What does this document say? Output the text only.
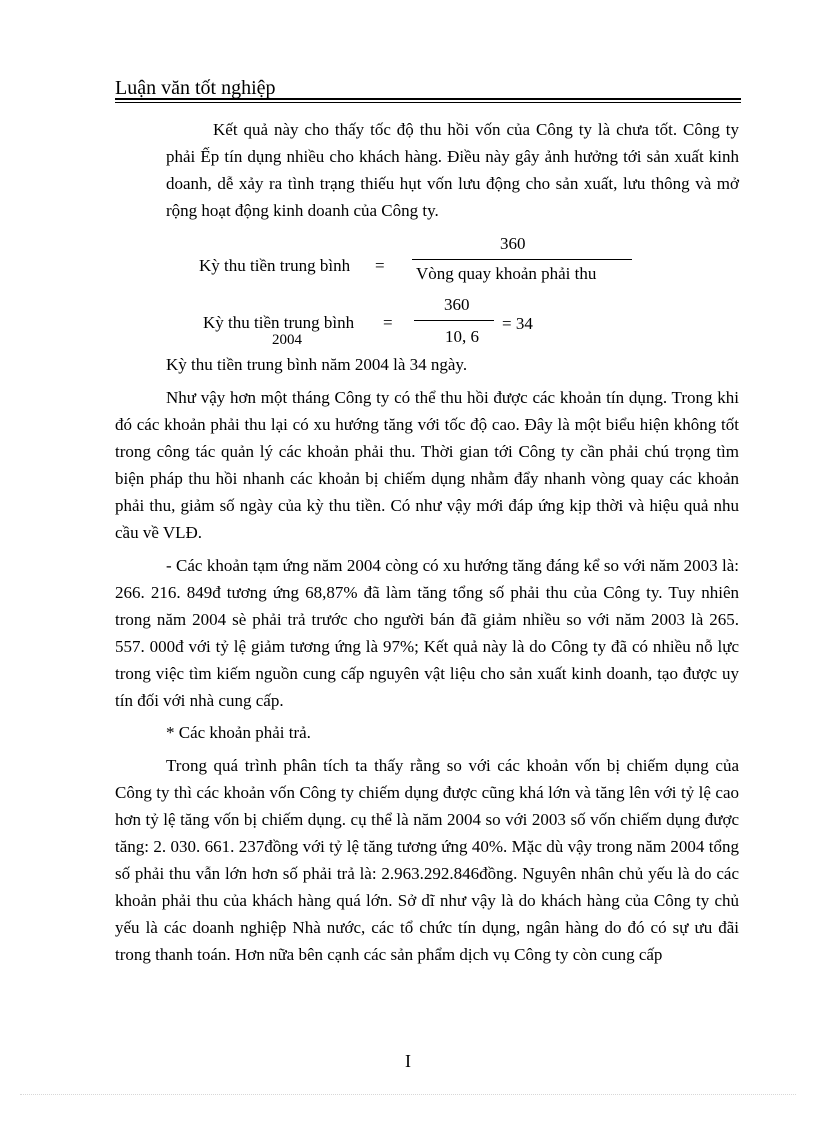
Luận văn tốt nghiệp

Kết quả này cho thấy tốc độ thu hồi vốn của Công ty là chưa tốt. Công ty phải Ếp tín dụng nhiều cho khách hàng. Điều này gây ảnh hưởng tới sản xuất kinh doanh, dễ xảy ra tình trạng thiếu hụt vốn lưu động cho sản xuất, lưu thông và mở rộng hoạt động kinh doanh của Công ty.

Kỳ thu tiền trung bình =
360
Vòng quay khoản phải thu
Kỳ thu tiền trung bình
2004
=
360
10, 6
= 34

Kỳ thu tiền trung bình năm 2004 là 34 ngày.

Như vậy hơn một tháng Công ty có thể thu hồi được các khoản tín dụng. Trong khi đó các khoản phải thu lại có xu hướng tăng với tốc độ cao. Đây là một biểu hiện không tốt trong công tác quản lý các khoản phải thu. Thời gian tới Công ty cần phải chú trọng tìm biện pháp thu hồi nhanh các khoản bị chiếm dụng nhằm đẩy nhanh vòng quay các khoản phải thu, giảm số ngày của kỳ thu tiền. Có như vậy mới đáp ứng kịp thời và hiệu quả nhu cầu về VLĐ.

- Các khoản tạm ứng năm 2004 còng có xu hướng tăng đáng kể so với năm 2003 là: 266. 216. 849đ tương ứng 68,87% đã làm tăng tổng số phải thu của Công ty. Tuy nhiên trong năm 2004 sè phải trả trước cho người bán đã giảm nhiều so với năm 2003 là 265. 557. 000đ với tỷ lệ giảm tương ứng là 97%; Kết quả này là do Công ty đã có nhiều nỗ lực trong việc tìm kiếm nguồn cung cấp nguyên vật liệu cho sản xuất kinh doanh, tạo được uy tín đối với nhà cung cấp.

* Các khoản phải trả.

Trong quá trình phân tích ta thấy rằng so với các khoản vốn bị chiếm dụng của Công ty thì các khoản vốn Công ty chiếm dụng được cũng khá lớn và tăng lên với tỷ lệ cao hơn tỷ lệ tăng vốn bị chiếm dụng. cụ thể là năm 2004 so với 2003 số vốn chiếm dụng được tăng: 2. 030. 661. 237đồng với tỷ lệ tăng tương ứng 40%. Mặc dù vậy trong năm 2004 tổng số phải thu vẫn lớn hơn số phải trả là: 2.963.292.846đồng. Nguyên nhân chủ yếu là do các khoản phải thu của khách hàng quá lớn. Sở dĩ như vậy là do khách hàng của Công ty chủ yếu là các doanh nghiệp Nhà nước, các tổ chức tín dụng, ngân hàng do đó có sự ưu đãi trong thanh toán. Hơn nữa bên cạnh các sản phẩm dịch vụ Công ty còn cung cấp

I
